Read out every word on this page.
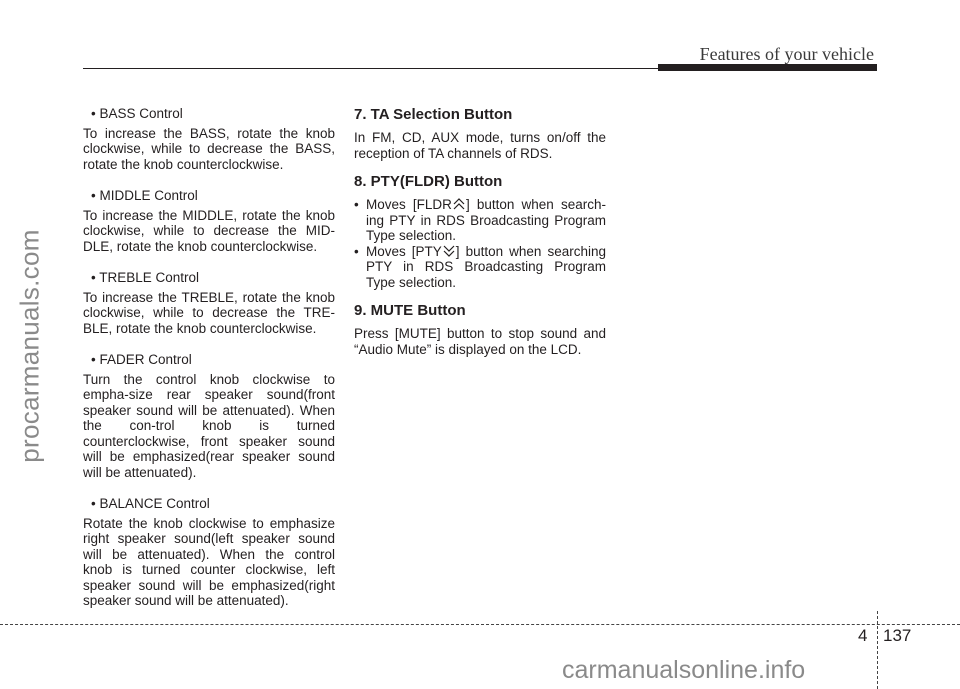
Features of your vehicle
procarmanuals.com
• BASS Control
To increase the BASS, rotate the knob clockwise, while to decrease the BASS, rotate the knob counterclockwise.
• MIDDLE Control
To increase the MIDDLE, rotate the knob clockwise, while to decrease the MID-DLE, rotate the knob counterclockwise.
• TREBLE Control
To increase the TREBLE, rotate the knob clockwise, while to decrease the TRE-BLE, rotate the knob counterclockwise.
• FADER Control
Turn the control knob clockwise to empha-size rear speaker sound(front speaker sound will be attenuated). When the con-trol knob is turned counterclockwise, front speaker sound will be emphasized(rear speaker sound will be attenuated).
• BALANCE Control
Rotate the knob clockwise to emphasize right speaker sound(left speaker sound will be attenuated). When the control knob is turned counter clockwise, left speaker sound will be emphasized(right speaker sound will be attenuated).
7. TA Selection Button

In FM, CD, AUX mode, turns on/off the reception of TA channels of RDS.

8. PTY(FLDR) Button
• Moves [FLDR ] button when search-ing PTY in RDS Broadcasting Program Type selection.
• Moves [PTY ] button when searching PTY in RDS Broadcasting Program Type selection.
9. MUTE Button

Press [MUTE] button to stop sound and “Audio Mute” is displayed on the LCD.

4 137
carmanualsonline.info
